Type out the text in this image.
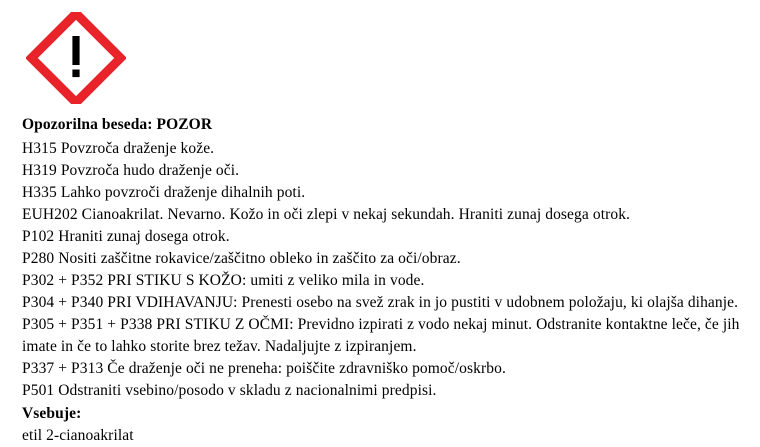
Opozorilna beseda: POZOR
H315 Povzroča draženje kože.
H319 Povzroča hudo draženje oči.
H335 Lahko povzroči draženje dihalnih poti.
EUH202 Cianoakrilat. Nevarno. Kožo in oči zlepi v nekaj sekundah. Hraniti zunaj dosega otrok.
P102 Hraniti zunaj dosega otrok.
P280 Nositi zaščitne rokavice/zaščitno obleko in zaščito za oči/obraz.
P302 + P352 PRI STIKU S KOŽO: umiti z veliko mila in vode.
P304 + P340 PRI VDIHAVANJU: Prenesti osebo na svež zrak in jo pustiti v udobnem položaju, ki olajša dihanje.
P305 + P351 + P338 PRI STIKU Z OČMI: Previdno izpirati z vodo nekaj minut. Odstranite kontaktne leče, če jih imate in če to lahko storite brez težav. Nadaljujte z izpiranjem.
P337 + P313 Če draženje oči ne preneha: poiščite zdravniško pomoč/oskrbo.
P501 Odstraniti vsebino/posodo v skladu z nacionalnimi predpisi.
Vsebuje:
etil 2-cianoakrilat
